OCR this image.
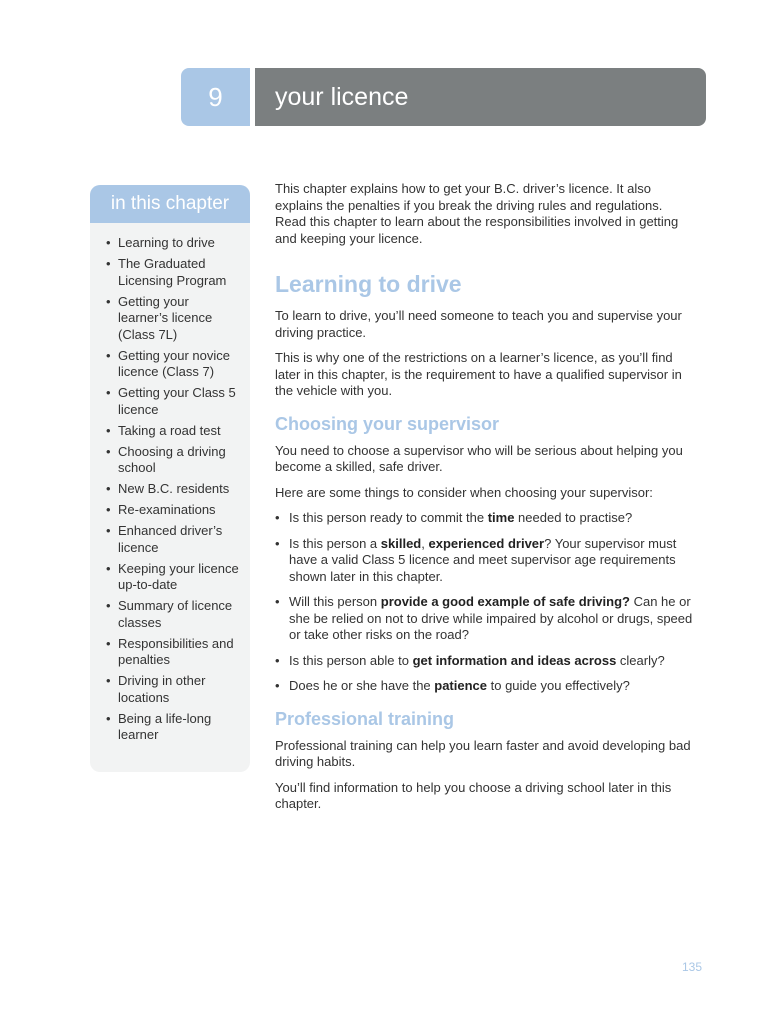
9 your licence
in this chapter
• Learning to drive
• The Graduated Licensing Program
• Getting your learner’s licence (Class 7L)
• Getting your novice licence (Class 7)
• Getting your Class 5 licence
• Taking a road test
• Choosing a driving school
• New B.C. residents
• Re-examinations
• Enhanced driver’s licence
• Keeping your licence up-to-date
• Summary of licence classes
• Responsibilities and penalties
• Driving in other locations
• Being a life-long learner

This chapter explains how to get your B.C. driver’s licence. It also explains the penalties if you break the driving rules and regulations. Read this chapter to learn about the responsibilities involved in getting and keeping your licence.

Learning to drive

To learn to drive, you’ll need someone to teach you and supervise your driving practice.

This is why one of the restrictions on a learner’s licence, as you’ll find later in this chapter, is the requirement to have a qualified supervisor in the vehicle with you.

Choosing your supervisor

You need to choose a supervisor who will be serious about helping you become a skilled, safe driver.

Here are some things to consider when choosing your supervisor:

• Is this person ready to commit the time needed to practise?
• Is this person a skilled, experienced driver? Your supervisor must have a valid Class 5 licence and meet supervisor age requirements shown later in this chapter.
• Will this person provide a good example of safe driving? Can he or she be relied on not to drive while impaired by alcohol or drugs, speed or take other risks on the road?
• Is this person able to get information and ideas across clearly?
• Does he or she have the patience to guide you effectively?
Professional training

Professional training can help you learn faster and avoid developing bad driving habits.

You’ll find information to help you choose a driving school later in this chapter.

135
